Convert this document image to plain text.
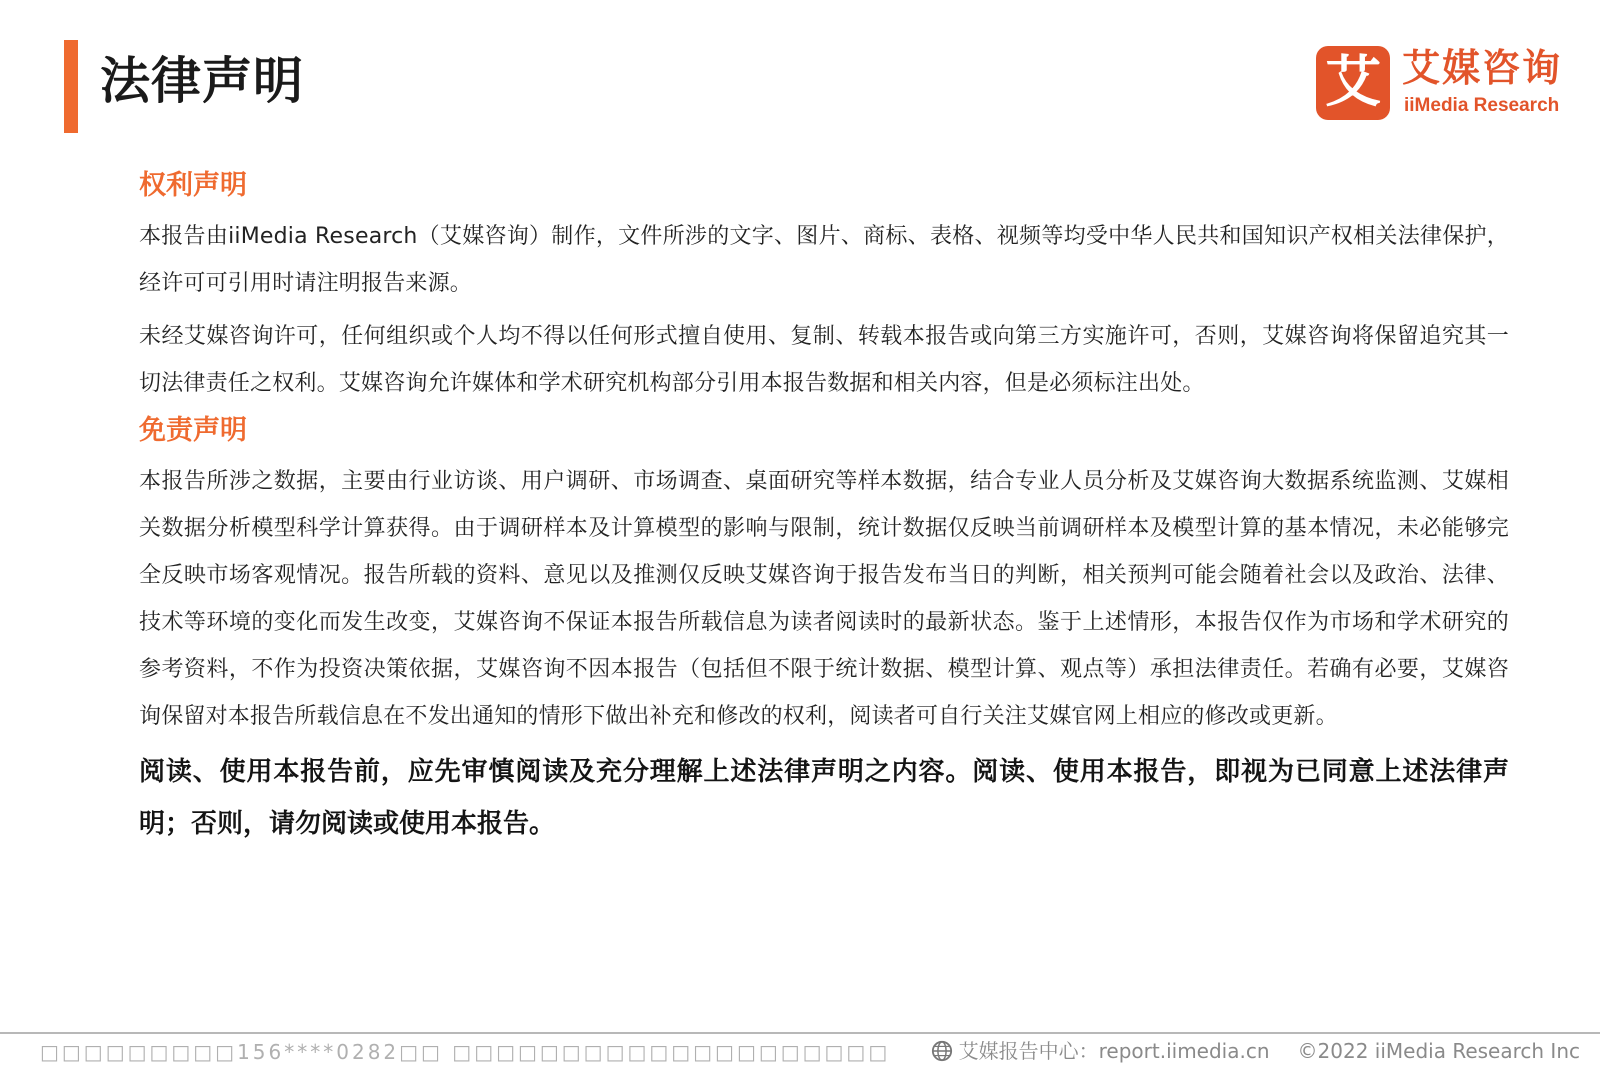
法律声明	艾 艾媒咨询
iiMedia Research
权利声明

本报告由iiMedia Research（艾媒咨询）制作，文件所涉的文字、图片、商标、表格、视频等均受中华人民共和国知识产权相关法律保护，经许可可引用时请注明报告来源。

未经艾媒咨询许可，任何组织或个人均不得以任何形式擅自使用、复制、转载本报告或向第三方实施许可，否则，艾媒咨询将保留追究其一切法律责任之权利。艾媒咨询允许媒体和学术研究机构部分引用本报告数据和相关内容，但是必须标注出处。

免责声明

本报告所涉之数据，主要由行业访谈、用户调研、市场调查、桌面研究等样本数据，结合专业人员分析及艾媒咨询大数据系统监测、艾媒相关数据分析模型科学计算获得。由于调研样本及计算模型的影响与限制，统计数据仅反映当前调研样本及模型计算的基本情况，未必能够完全反映市场客观情况。报告所载的资料、意见以及推测仅反映艾媒咨询于报告发布当日的判断，相关预判可能会随着社会以及政治、法律、技术等环境的变化而发生改变，艾媒咨询不保证本报告所载信息为读者阅读时的最新状态。鉴于上述情形，本报告仅作为市场和学术研究的参考资料，不作为投资决策依据，艾媒咨询不因本报告（包括但不限于统计数据、模型计算、观点等）承担法律责任。若确有必要，艾媒咨询保留对本报告所载信息在不发出通知的情形下做出补充和修改的权利，阅读者可自行关注艾媒官网上相应的修改或更新。

阅读、使用本报告前，应先审慎阅读及充分理解上述法律声明之内容。阅读、使用本报告，即视为已同意上述法律声明；否则，请勿阅读或使用本报告。

□□□□□□□□□156****0282□□ □□□□□□□□□□□□□□□□□□□□	艾媒报告中心：report.iimedia.cn ©2022 iiMedia Research Inc
